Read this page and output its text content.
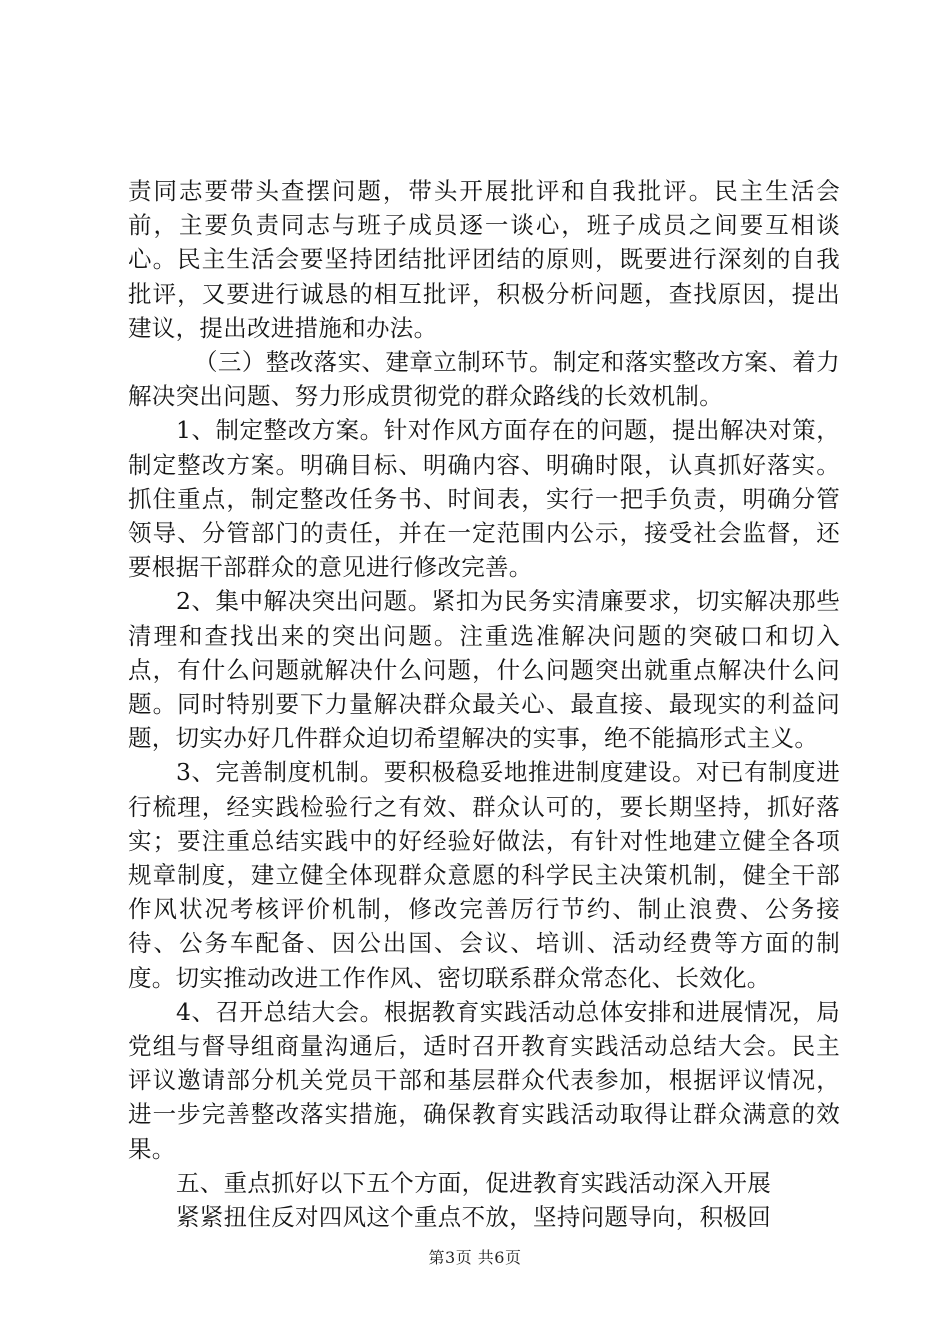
责同志要带头查摆问题，带头开展批评和自我批评。民主生活会前，主要负责同志与班子成员逐一谈心，班子成员之间要互相谈心。民主生活会要坚持团结批评团结的原则，既要进行深刻的自我批评，又要进行诚恳的相互批评，积极分析问题，查找原因，提出建议，提出改进措施和办法。

（三）整改落实、建章立制环节。制定和落实整改方案、着力解决突出问题、努力形成贯彻党的群众路线的长效机制。

1、制定整改方案。针对作风方面存在的问题，提出解决对策，制定整改方案。明确目标、明确内容、明确时限，认真抓好落实。抓住重点，制定整改任务书、时间表，实行一把手负责，明确分管领导、分管部门的责任，并在一定范围内公示，接受社会监督，还要根据干部群众的意见进行修改完善。

2、集中解决突出问题。紧扣为民务实清廉要求，切实解决那些清理和查找出来的突出问题。注重选准解决问题的突破口和切入点，有什么问题就解决什么问题，什么问题突出就重点解决什么问题。同时特别要下力量解决群众最关心、最直接、最现实的利益问题，切实办好几件群众迫切希望解决的实事，绝不能搞形式主义。

3、完善制度机制。要积极稳妥地推进制度建设。对已有制度进行梳理，经实践检验行之有效、群众认可的，要长期坚持，抓好落实；要注重总结实践中的好经验好做法，有针对性地建立健全各项规章制度，建立健全体现群众意愿的科学民主决策机制，健全干部作风状况考核评价机制，修改完善厉行节约、制止浪费、公务接待、公务车配备、因公出国、会议、培训、活动经费等方面的制度。切实推动改进工作作风、密切联系群众常态化、长效化。

4、召开总结大会。根据教育实践活动总体安排和进展情况，局党组与督导组商量沟通后，适时召开教育实践活动总结大会。民主评议邀请部分机关党员干部和基层群众代表参加，根据评议情况，进一步完善整改落实措施，确保教育实践活动取得让群众满意的效果。

五、重点抓好以下五个方面，促进教育实践活动深入开展

紧紧扭住反对四风这个重点不放，坚持问题导向，积极回

第3页 共6页
